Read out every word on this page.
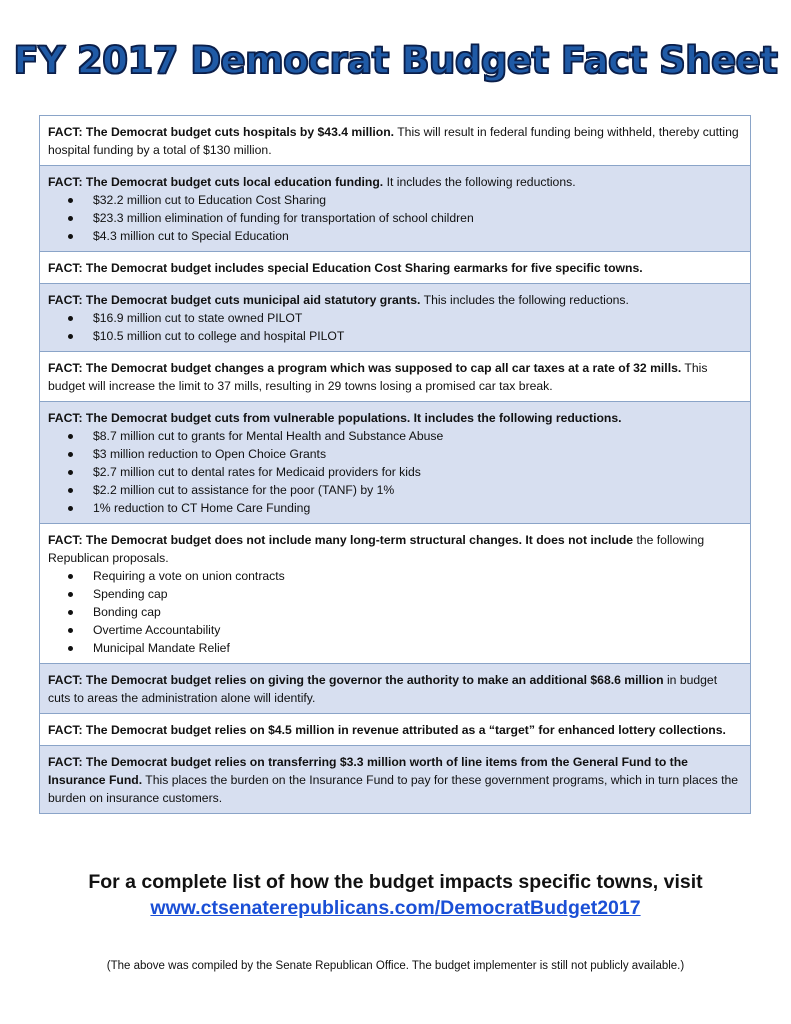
FY 2017 Democrat Budget Fact Sheet
FACT: The Democrat budget cuts hospitals by $43.4 million. This will result in federal funding being withheld, thereby cutting hospital funding by a total of $130 million.
FACT: The Democrat budget cuts local education funding. It includes the following reductions.
$32.2 million cut to Education Cost Sharing
$23.3 million elimination of funding for transportation of school children
$4.3 million cut to Special Education
FACT: The Democrat budget includes special Education Cost Sharing earmarks for five specific towns.
FACT: The Democrat budget cuts municipal aid statutory grants. This includes the following reductions.
$16.9 million cut to state owned PILOT
$10.5 million cut to college and hospital PILOT
FACT: The Democrat budget changes a program which was supposed to cap all car taxes at a rate of 32 mills. This budget will increase the limit to 37 mills, resulting in 29 towns losing a promised car tax break.
FACT: The Democrat budget cuts from vulnerable populations. It includes the following reductions.
$8.7 million cut to grants for Mental Health and Substance Abuse
$3 million reduction to Open Choice Grants
$2.7 million cut to dental rates for Medicaid providers for kids
$2.2 million cut to assistance for the poor (TANF) by 1%
1% reduction to CT Home Care Funding
FACT: The Democrat budget does not include many long-term structural changes. It does not include the following Republican proposals.
Requiring a vote on union contracts
Spending cap
Bonding cap
Overtime Accountability
Municipal Mandate Relief
FACT: The Democrat budget relies on giving the governor the authority to make an additional $68.6 million in budget cuts to areas the administration alone will identify.
FACT: The Democrat budget relies on $4.5 million in revenue attributed as a “target” for enhanced lottery collections.
FACT: The Democrat budget relies on transferring $3.3 million worth of line items from the General Fund to the Insurance Fund. This places the burden on the Insurance Fund to pay for these government programs, which in turn places the burden on insurance customers.
For a complete list of how the budget impacts specific towns, visit
www.ctsenaterepublicans.com/DemocratBudget2017
(The above was compiled by the Senate Republican Office. The budget implementer is still not publicly available.)
